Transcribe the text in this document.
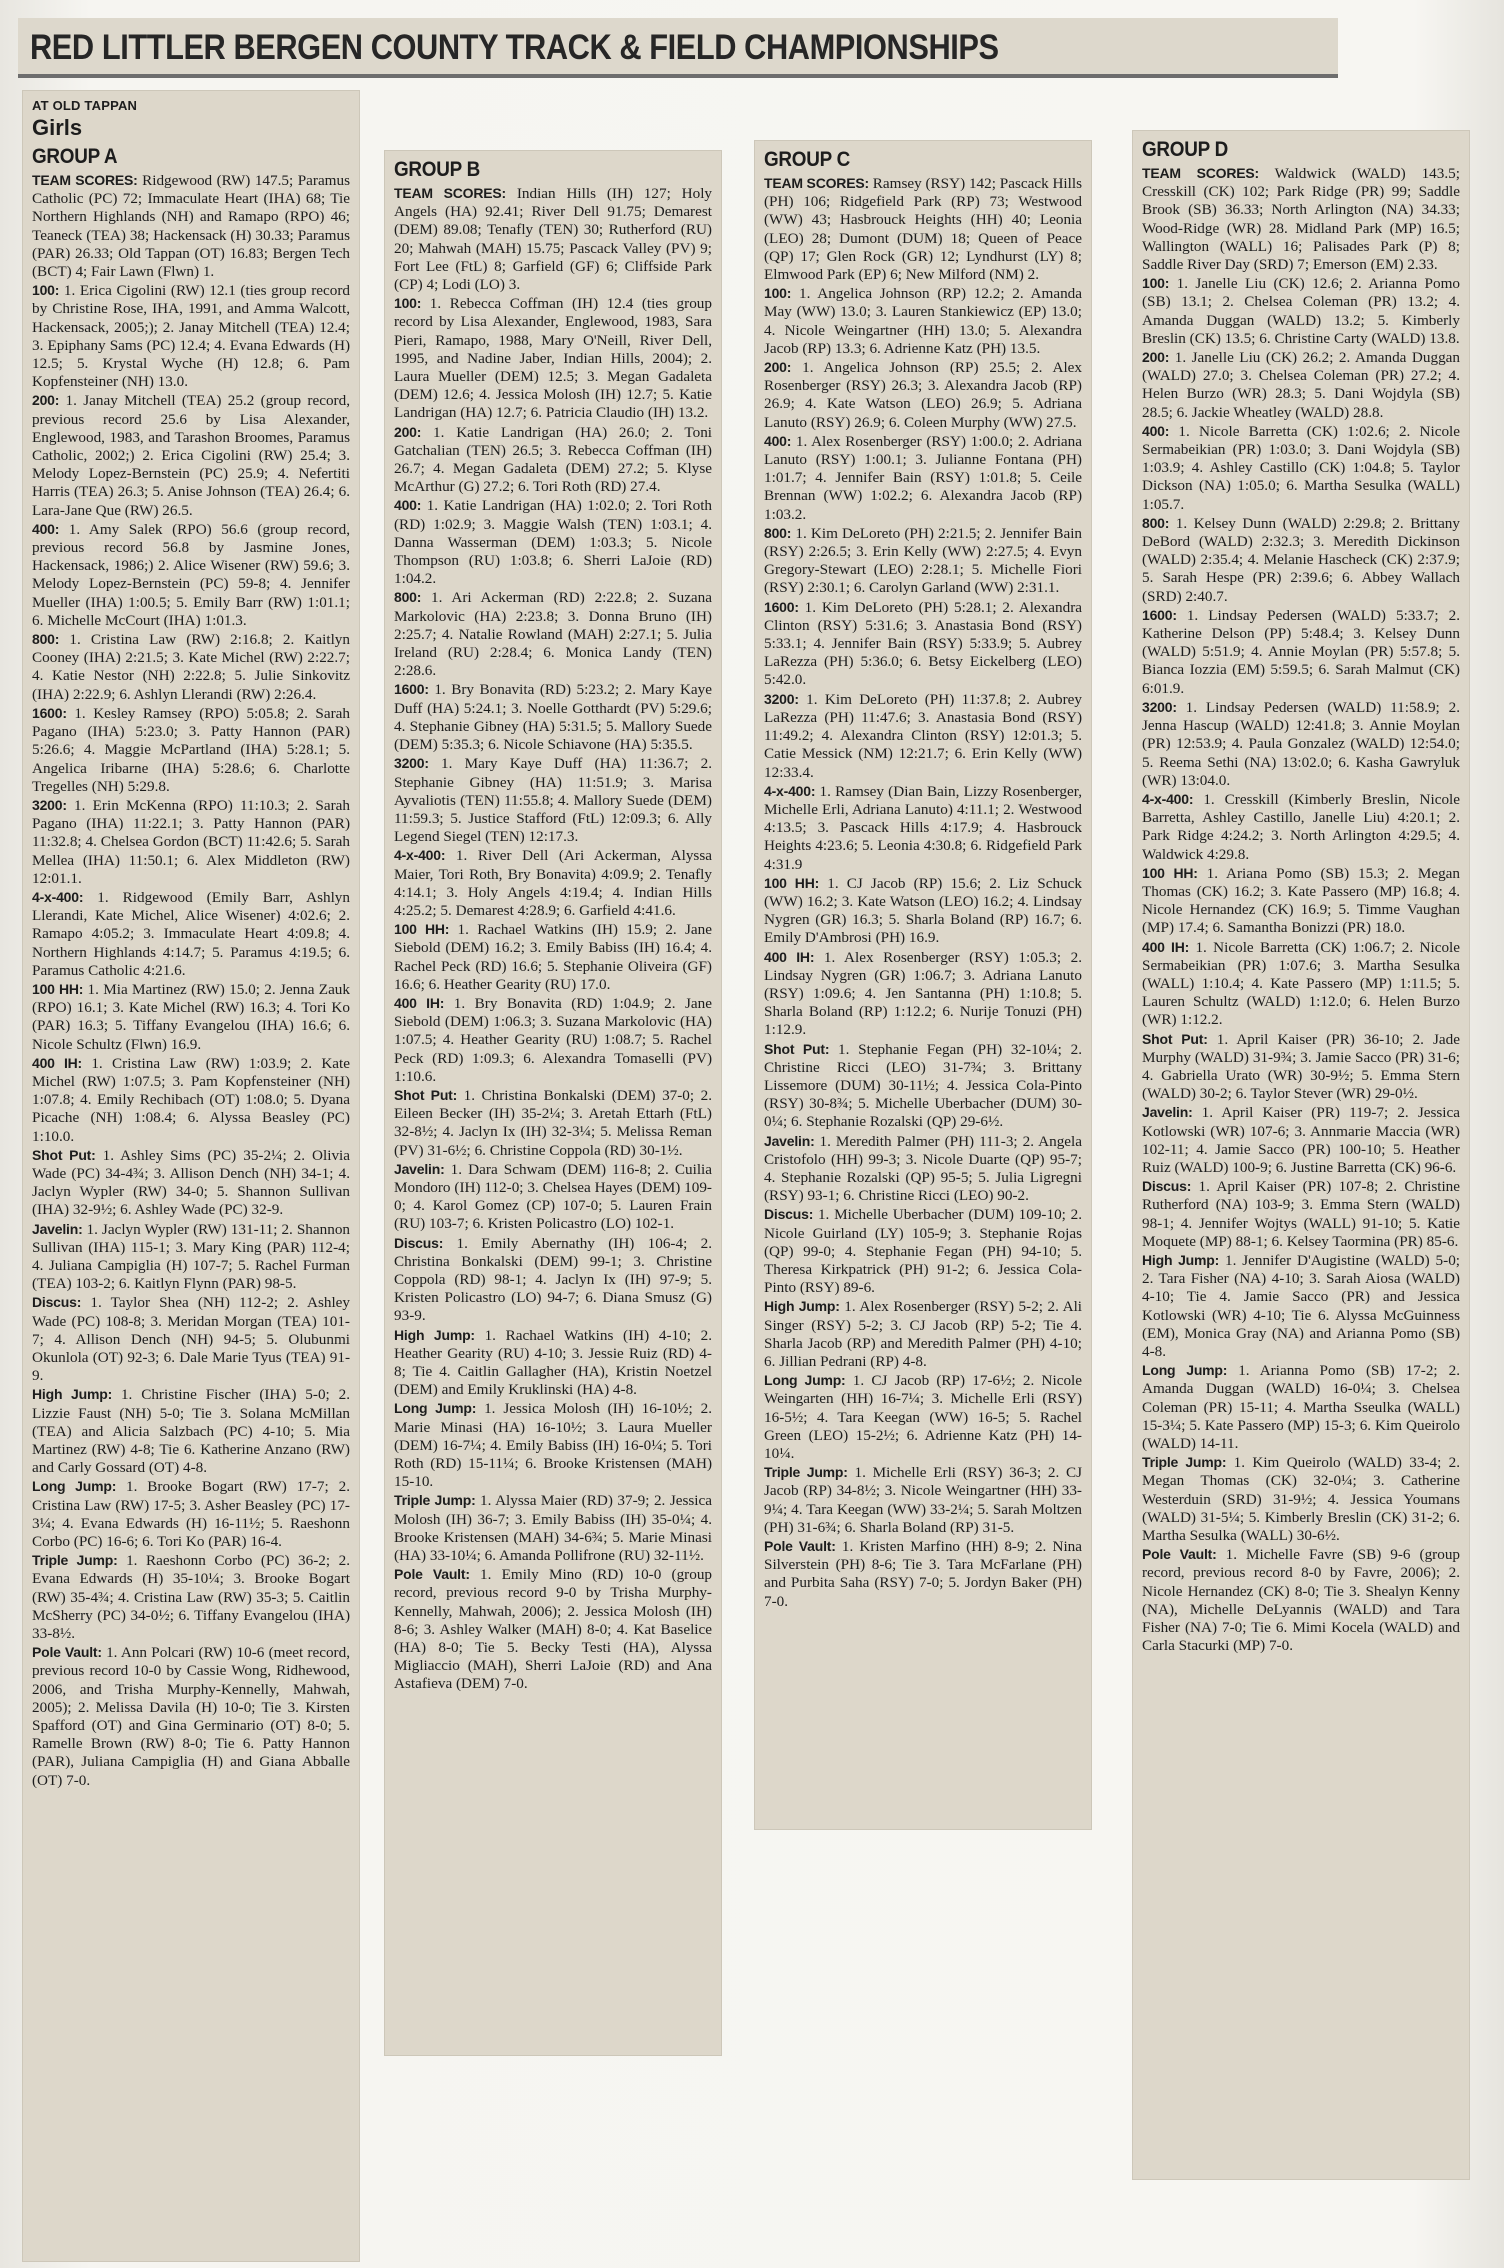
RED LITTLER BERGEN COUNTY TRACK & FIELD CHAMPIONSHIPS
AT OLD TAPPAN
Girls
GROUP A

TEAM SCORES: Ridgewood (RW) 147.5; Paramus Catholic (PC) 72; Immaculate Heart (IHA) 68; Tie Northern Highlands (NH) and Ramapo (RPO) 46; Teaneck (TEA) 38; Hackensack (H) 30.33; Paramus (PAR) 26.33; Old Tappan (OT) 16.83; Bergen Tech (BCT) 4; Fair Lawn (Flwn) 1.

100: 1. Erica Cigolini (RW) 12.1 (ties group record by Christine Rose, IHA, 1991, and Amma Walcott, Hackensack, 2005;); 2. Janay Mitchell (TEA) 12.4; 3. Epiphany Sams (PC) 12.4; 4. Evana Edwards (H) 12.5; 5. Krystal Wyche (H) 12.8; 6. Pam Kopfensteiner (NH) 13.0.

200: 1. Janay Mitchell (TEA) 25.2 (group record, previous record 25.6 by Lisa Alexander, Englewood, 1983, and Tarashon Broomes, Paramus Catholic, 2002;) 2. Erica Cigolini (RW) 25.4; 3. Melody Lopez-Bernstein (PC) 25.9; 4. Nefertiti Harris (TEA) 26.3; 5. Anise Johnson (TEA) 26.4; 6. Lara-Jane Que (RW) 26.5.

400: 1. Amy Salek (RPO) 56.6 (group record, previous record 56.8 by Jasmine Jones, Hackensack, 1986;) 2. Alice Wisener (RW) 59.6; 3. Melody Lopez-Bernstein (PC) 59-8; 4. Jennifer Mueller (IHA) 1:00.5; 5. Emily Barr (RW) 1:01.1; 6. Michelle McCourt (IHA) 1:01.3.

800: 1. Cristina Law (RW) 2:16.8; 2. Kaitlyn Cooney (IHA) 2:21.5; 3. Kate Michel (RW) 2:22.7; 4. Katie Nestor (NH) 2:22.8; 5. Julie Sinkovitz (IHA) 2:22.9; 6. Ashlyn Llerandi (RW) 2:26.4.

1600: 1. Kesley Ramsey (RPO) 5:05.8; 2. Sarah Pagano (IHA) 5:23.0; 3. Patty Hannon (PAR) 5:26.6; 4. Maggie McPartland (IHA) 5:28.1; 5. Angelica Iribarne (IHA) 5:28.6; 6. Charlotte Tregelles (NH) 5:29.8.

3200: 1. Erin McKenna (RPO) 11:10.3; 2. Sarah Pagano (IHA) 11:22.1; 3. Patty Hannon (PAR) 11:32.8; 4. Chelsea Gordon (BCT) 11:42.6; 5. Sarah Mellea (IHA) 11:50.1; 6. Alex Middleton (RW) 12:01.1.

4-x-400: 1. Ridgewood (Emily Barr, Ashlyn Llerandi, Kate Michel, Alice Wisener) 4:02.6; 2. Ramapo 4:05.2; 3. Immaculate Heart 4:09.8; 4. Northern Highlands 4:14.7; 5. Paramus 4:19.5; 6. Paramus Catholic 4:21.6.

100 HH: 1. Mia Martinez (RW) 15.0; 2. Jenna Zauk (RPO) 16.1; 3. Kate Michel (RW) 16.3; 4. Tori Ko (PAR) 16.3; 5. Tiffany Evangelou (IHA) 16.6; 6. Nicole Schultz (Flwn) 16.9.

400 IH: 1. Cristina Law (RW) 1:03.9; 2. Kate Michel (RW) 1:07.5; 3. Pam Kopfensteiner (NH) 1:07.8; 4. Emily Rechibach (OT) 1:08.0; 5. Dyana Picache (NH) 1:08.4; 6. Alyssa Beasley (PC) 1:10.0.

Shot Put: 1. Ashley Sims (PC) 35-2¼; 2. Olivia Wade (PC) 34-4¾; 3. Allison Dench (NH) 34-1; 4. Jaclyn Wypler (RW) 34-0; 5. Shannon Sullivan (IHA) 32-9½; 6. Ashley Wade (PC) 32-9.

Javelin: 1. Jaclyn Wypler (RW) 131-11; 2. Shannon Sullivan (IHA) 115-1; 3. Mary King (PAR) 112-4; 4. Juliana Campiglia (H) 107-7; 5. Rachel Furman (TEA) 103-2; 6. Kaitlyn Flynn (PAR) 98-5.

Discus: 1. Taylor Shea (NH) 112-2; 2. Ashley Wade (PC) 108-8; 3. Meridan Morgan (TEA) 101-7; 4. Allison Dench (NH) 94-5; 5. Olubunmi Okunlola (OT) 92-3; 6. Dale Marie Tyus (TEA) 91-9.

High Jump: 1. Christine Fischer (IHA) 5-0; 2. Lizzie Faust (NH) 5-0; Tie 3. Solana McMillan (TEA) and Alicia Salzbach (PC) 4-10; 5. Mia Martinez (RW) 4-8; Tie 6. Katherine Anzano (RW) and Carly Gossard (OT) 4-8.

Long Jump: 1. Brooke Bogart (RW) 17-7; 2. Cristina Law (RW) 17-5; 3. Asher Beasley (PC) 17-3¼; 4. Evana Edwards (H) 16-11½; 5. Raeshonn Corbo (PC) 16-6; 6. Tori Ko (PAR) 16-4.

Triple Jump: 1. Raeshonn Corbo (PC) 36-2; 2. Evana Edwards (H) 35-10¼; 3. Brooke Bogart (RW) 35-4¾; 4. Cristina Law (RW) 35-3; 5. Caitlin McSherry (PC) 34-0½; 6. Tiffany Evangelou (IHA) 33-8½.

Pole Vault: 1. Ann Polcari (RW) 10-6 (meet record, previous record 10-0 by Cassie Wong, Ridhewood, 2006, and Trisha Murphy-Kennelly, Mahwah, 2005); 2. Melissa Davila (H) 10-0; Tie 3. Kirsten Spafford (OT) and Gina Germinario (OT) 8-0; 5. Ramelle Brown (RW) 8-0; Tie 6. Patty Hannon (PAR), Juliana Campiglia (H) and Giana Abballe (OT) 7-0.

GROUP B

TEAM SCORES: Indian Hills (IH) 127; Holy Angels (HA) 92.41; River Dell 91.75; Demarest (DEM) 89.08; Tenafly (TEN) 30; Rutherford (RU) 20; Mahwah (MAH) 15.75; Pascack Valley (PV) 9; Fort Lee (FtL) 8; Garfield (GF) 6; Cliffside Park (CP) 4; Lodi (LO) 3.

100: 1. Rebecca Coffman (IH) 12.4 (ties group record by Lisa Alexander, Englewood, 1983, Sara Pieri, Ramapo, 1988, Mary O'Neill, River Dell, 1995, and Nadine Jaber, Indian Hills, 2004); 2. Laura Mueller (DEM) 12.5; 3. Megan Gadaleta (DEM) 12.6; 4. Jessica Molosh (IH) 12.7; 5. Katie Landrigan (HA) 12.7; 6. Patricia Claudio (IH) 13.2.

200: 1. Katie Landrigan (HA) 26.0; 2. Toni Gatchalian (TEN) 26.5; 3. Rebecca Coffman (IH) 26.7; 4. Megan Gadaleta (DEM) 27.2; 5. Klyse McArthur (G) 27.2; 6. Tori Roth (RD) 27.4.

400: 1. Katie Landrigan (HA) 1:02.0; 2. Tori Roth (RD) 1:02.9; 3. Maggie Walsh (TEN) 1:03.1; 4. Danna Wasserman (DEM) 1:03.3; 5. Nicole Thompson (RU) 1:03.8; 6. Sherri LaJoie (RD) 1:04.2.

800: 1. Ari Ackerman (RD) 2:22.8; 2. Suzana Markolovic (HA) 2:23.8; 3. Donna Bruno (IH) 2:25.7; 4. Natalie Rowland (MAH) 2:27.1; 5. Julia Ireland (RU) 2:28.4; 6. Monica Landy (TEN) 2:28.6.

1600: 1. Bry Bonavita (RD) 5:23.2; 2. Mary Kaye Duff (HA) 5:24.1; 3. Noelle Gotthardt (PV) 5:29.6; 4. Stephanie Gibney (HA) 5:31.5; 5. Mallory Suede (DEM) 5:35.3; 6. Nicole Schiavone (HA) 5:35.5.

3200: 1. Mary Kaye Duff (HA) 11:36.7; 2. Stephanie Gibney (HA) 11:51.9; 3. Marisa Ayvaliotis (TEN) 11:55.8; 4. Mallory Suede (DEM) 11:59.3; 5. Justice Stafford (FtL) 12:09.3; 6. Ally Legend Siegel (TEN) 12:17.3.

4-x-400: 1. River Dell (Ari Ackerman, Alyssa Maier, Tori Roth, Bry Bonavita) 4:09.9; 2. Tenafly 4:14.1; 3. Holy Angels 4:19.4; 4. Indian Hills 4:25.2; 5. Demarest 4:28.9; 6. Garfield 4:41.6.

100 HH: 1. Rachael Watkins (IH) 15.9; 2. Jane Siebold (DEM) 16.2; 3. Emily Babiss (IH) 16.4; 4. Rachel Peck (RD) 16.6; 5. Stephanie Oliveira (GF) 16.6; 6. Heather Gearity (RU) 17.0.

400 IH: 1. Bry Bonavita (RD) 1:04.9; 2. Jane Siebold (DEM) 1:06.3; 3. Suzana Markolovic (HA) 1:07.5; 4. Heather Gearity (RU) 1:08.7; 5. Rachel Peck (RD) 1:09.3; 6. Alexandra Tomaselli (PV) 1:10.6.

Shot Put: 1. Christina Bonkalski (DEM) 37-0; 2. Eileen Becker (IH) 35-2¼; 3. Aretah Ettarh (FtL) 32-8½; 4. Jaclyn Ix (IH) 32-3¼; 5. Melissa Reman (PV) 31-6½; 6. Christine Coppola (RD) 30-1½.

Javelin: 1. Dara Schwam (DEM) 116-8; 2. Cuilia Mondoro (IH) 112-0; 3. Chelsea Hayes (DEM) 109-0; 4. Karol Gomez (CP) 107-0; 5. Lauren Frain (RU) 103-7; 6. Kristen Policastro (LO) 102-1.

Discus: 1. Emily Abernathy (IH) 106-4; 2. Christina Bonkalski (DEM) 99-1; 3. Christine Coppola (RD) 98-1; 4. Jaclyn Ix (IH) 97-9; 5. Kristen Policastro (LO) 94-7; 6. Diana Smusz (G) 93-9.

High Jump: 1. Rachael Watkins (IH) 4-10; 2. Heather Gearity (RU) 4-10; 3. Jessie Ruiz (RD) 4-8; Tie 4. Caitlin Gallagher (HA), Kristin Noetzel (DEM) and Emily Kruklinski (HA) 4-8.

Long Jump: 1. Jessica Molosh (IH) 16-10½; 2. Marie Minasi (HA) 16-10½; 3. Laura Mueller (DEM) 16-7¼; 4. Emily Babiss (IH) 16-0¼; 5. Tori Roth (RD) 15-11¼; 6. Brooke Kristensen (MAH) 15-10.

Triple Jump: 1. Alyssa Maier (RD) 37-9; 2. Jessica Molosh (IH) 36-7; 3. Emily Babiss (IH) 35-0¼; 4. Brooke Kristensen (MAH) 34-6¾; 5. Marie Minasi (HA) 33-10¼; 6. Amanda Pollifrone (RU) 32-11½.

Pole Vault: 1. Emily Mino (RD) 10-0 (group record, previous record 9-0 by Trisha Murphy-Kennelly, Mahwah, 2006); 2. Jessica Molosh (IH) 8-6; 3. Ashley Walker (MAH) 8-0; 4. Kat Baselice (HA) 8-0; Tie 5. Becky Testi (HA), Alyssa Migliaccio (MAH), Sherri LaJoie (RD) and Ana Astafieva (DEM) 7-0.

GROUP C

TEAM SCORES: Ramsey (RSY) 142; Pascack Hills (PH) 106; Ridgefield Park (RP) 73; Westwood (WW) 43; Hasbrouck Heights (HH) 40; Leonia (LEO) 28; Dumont (DUM) 18; Queen of Peace (QP) 17; Glen Rock (GR) 12; Lyndhurst (LY) 8; Elmwood Park (EP) 6; New Milford (NM) 2.

100: 1. Angelica Johnson (RP) 12.2; 2. Amanda May (WW) 13.0; 3. Lauren Stankiewicz (EP) 13.0; 4. Nicole Weingartner (HH) 13.0; 5. Alexandra Jacob (RP) 13.3; 6. Adrienne Katz (PH) 13.5.

200: 1. Angelica Johnson (RP) 25.5; 2. Alex Rosenberger (RSY) 26.3; 3. Alexandra Jacob (RP) 26.9; 4. Kate Watson (LEO) 26.9; 5. Adriana Lanuto (RSY) 26.9; 6. Coleen Murphy (WW) 27.5.

400: 1. Alex Rosenberger (RSY) 1:00.0; 2. Adriana Lanuto (RSY) 1:00.1; 3. Julianne Fontana (PH) 1:01.7; 4. Jennifer Bain (RSY) 1:01.8; 5. Ceile Brennan (WW) 1:02.2; 6. Alexandra Jacob (RP) 1:03.2.

800: 1. Kim DeLoreto (PH) 2:21.5; 2. Jennifer Bain (RSY) 2:26.5; 3. Erin Kelly (WW) 2:27.5; 4. Evyn Gregory-Stewart (LEO) 2:28.1; 5. Michelle Fiori (RSY) 2:30.1; 6. Carolyn Garland (WW) 2:31.1.

1600: 1. Kim DeLoreto (PH) 5:28.1; 2. Alexandra Clinton (RSY) 5:31.6; 3. Anastasia Bond (RSY) 5:33.1; 4. Jennifer Bain (RSY) 5:33.9; 5. Aubrey LaRezza (PH) 5:36.0; 6. Betsy Eickelberg (LEO) 5:42.0.

3200: 1. Kim DeLoreto (PH) 11:37.8; 2. Aubrey LaRezza (PH) 11:47.6; 3. Anastasia Bond (RSY) 11:49.2; 4. Alexandra Clinton (RSY) 12:01.3; 5. Catie Messick (NM) 12:21.7; 6. Erin Kelly (WW) 12:33.4.

4-x-400: 1. Ramsey (Dian Bain, Lizzy Rosenberger, Michelle Erli, Adriana Lanuto) 4:11.1; 2. Westwood 4:13.5; 3. Pascack Hills 4:17.9; 4. Hasbrouck Heights 4:23.6; 5. Leonia 4:30.8; 6. Ridgefield Park 4:31.9

100 HH: 1. CJ Jacob (RP) 15.6; 2. Liz Schuck (WW) 16.2; 3. Kate Watson (LEO) 16.2; 4. Lindsay Nygren (GR) 16.3; 5. Sharla Boland (RP) 16.7; 6. Emily D'Ambrosi (PH) 16.9.

400 IH: 1. Alex Rosenberger (RSY) 1:05.3; 2. Lindsay Nygren (GR) 1:06.7; 3. Adriana Lanuto (RSY) 1:09.6; 4. Jen Santanna (PH) 1:10.8; 5. Sharla Boland (RP) 1:12.2; 6. Nurije Tonuzi (PH) 1:12.9.

Shot Put: 1. Stephanie Fegan (PH) 32-10¼; 2. Christine Ricci (LEO) 31-7¾; 3. Brittany Lissemore (DUM) 30-11½; 4. Jessica Cola-Pinto (RSY) 30-8¾; 5. Michelle Uberbacher (DUM) 30-0¼; 6. Stephanie Rozalski (QP) 29-6½.

Javelin: 1. Meredith Palmer (PH) 111-3; 2. Angela Cristofolo (HH) 99-3; 3. Nicole Duarte (QP) 95-7; 4. Stephanie Rozalski (QP) 95-5; 5. Julia Ligregni (RSY) 93-1; 6. Christine Ricci (LEO) 90-2.

Discus: 1. Michelle Uberbacher (DUM) 109-10; 2. Nicole Guirland (LY) 105-9; 3. Stephanie Rojas (QP) 99-0; 4. Stephanie Fegan (PH) 94-10; 5. Theresa Kirkpatrick (PH) 91-2; 6. Jessica Cola-Pinto (RSY) 89-6.

High Jump: 1. Alex Rosenberger (RSY) 5-2; 2. Ali Singer (RSY) 5-2; 3. CJ Jacob (RP) 5-2; Tie 4. Sharla Jacob (RP) and Meredith Palmer (PH) 4-10; 6. Jillian Pedrani (RP) 4-8.

Long Jump: 1. CJ Jacob (RP) 17-6½; 2. Nicole Weingarten (HH) 16-7¼; 3. Michelle Erli (RSY) 16-5½; 4. Tara Keegan (WW) 16-5; 5. Rachel Green (LEO) 15-2½; 6. Adrienne Katz (PH) 14-10¼.

Triple Jump: 1. Michelle Erli (RSY) 36-3; 2. CJ Jacob (RP) 34-8½; 3. Nicole Weingartner (HH) 33-9¼; 4. Tara Keegan (WW) 33-2¼; 5. Sarah Moltzen (PH) 31-6¾; 6. Sharla Boland (RP) 31-5.

Pole Vault: 1. Kristen Marfino (HH) 8-9; 2. Nina Silverstein (PH) 8-6; Tie 3. Tara McFarlane (PH) and Purbita Saha (RSY) 7-0; 5. Jordyn Baker (PH) 7-0.

GROUP D

TEAM SCORES: Waldwick (WALD) 143.5; Cresskill (CK) 102; Park Ridge (PR) 99; Saddle Brook (SB) 36.33; North Arlington (NA) 34.33; Wood-Ridge (WR) 28. Midland Park (MP) 16.5; Wallington (WALL) 16; Palisades Park (P) 8; Saddle River Day (SRD) 7; Emerson (EM) 2.33.

100: 1. Janelle Liu (CK) 12.6; 2. Arianna Pomo (SB) 13.1; 2. Chelsea Coleman (PR) 13.2; 4. Amanda Duggan (WALD) 13.2; 5. Kimberly Breslin (CK) 13.5; 6. Christine Carty (WALD) 13.8.

200: 1. Janelle Liu (CK) 26.2; 2. Amanda Duggan (WALD) 27.0; 3. Chelsea Coleman (PR) 27.2; 4. Helen Burzo (WR) 28.3; 5. Dani Wojdyla (SB) 28.5; 6. Jackie Wheatley (WALD) 28.8.

400: 1. Nicole Barretta (CK) 1:02.6; 2. Nicole Sermabeikian (PR) 1:03.0; 3. Dani Wojdyla (SB) 1:03.9; 4. Ashley Castillo (CK) 1:04.8; 5. Taylor Dickson (NA) 1:05.0; 6. Martha Sesulka (WALL) 1:05.7.

800: 1. Kelsey Dunn (WALD) 2:29.8; 2. Brittany DeBord (WALD) 2:32.3; 3. Meredith Dickinson (WALD) 2:35.4; 4. Melanie Hascheck (CK) 2:37.9; 5. Sarah Hespe (PR) 2:39.6; 6. Abbey Wallach (SRD) 2:40.7.

1600: 1. Lindsay Pedersen (WALD) 5:33.7; 2. Katherine Delson (PP) 5:48.4; 3. Kelsey Dunn (WALD) 5:51.9; 4. Annie Moylan (PR) 5:57.8; 5. Bianca Iozzia (EM) 5:59.5; 6. Sarah Malmut (CK) 6:01.9.

3200: 1. Lindsay Pedersen (WALD) 11:58.9; 2. Jenna Hascup (WALD) 12:41.8; 3. Annie Moylan (PR) 12:53.9; 4. Paula Gonzalez (WALD) 12:54.0; 5. Reema Sethi (NA) 13:02.0; 6. Kasha Gawryluk (WR) 13:04.0.

4-x-400: 1. Cresskill (Kimberly Breslin, Nicole Barretta, Ashley Castillo, Janelle Liu) 4:20.1; 2. Park Ridge 4:24.2; 3. North Arlington 4:29.5; 4. Waldwick 4:29.8.

100 HH: 1. Ariana Pomo (SB) 15.3; 2. Megan Thomas (CK) 16.2; 3. Kate Passero (MP) 16.8; 4. Nicole Hernandez (CK) 16.9; 5. Timme Vaughan (MP) 17.4; 6. Samantha Bonizzi (PR) 18.0.

400 IH: 1. Nicole Barretta (CK) 1:06.7; 2. Nicole Sermabeikian (PR) 1:07.6; 3. Martha Sesulka (WALL) 1:10.4; 4. Kate Passero (MP) 1:11.5; 5. Lauren Schultz (WALD) 1:12.0; 6. Helen Burzo (WR) 1:12.2.

Shot Put: 1. April Kaiser (PR) 36-10; 2. Jade Murphy (WALD) 31-9¾; 3. Jamie Sacco (PR) 31-6; 4. Gabriella Urato (WR) 30-9½; 5. Emma Stern (WALD) 30-2; 6. Taylor Stever (WR) 29-0½.

Javelin: 1. April Kaiser (PR) 119-7; 2. Jessica Kotlowski (WR) 107-6; 3. Annmarie Maccia (WR) 102-11; 4. Jamie Sacco (PR) 100-10; 5. Heather Ruiz (WALD) 100-9; 6. Justine Barretta (CK) 96-6.

Discus: 1. April Kaiser (PR) 107-8; 2. Christine Rutherford (NA) 103-9; 3. Emma Stern (WALD) 98-1; 4. Jennifer Wojtys (WALL) 91-10; 5. Katie Moquete (MP) 88-1; 6. Kelsey Taormina (PR) 85-6.

High Jump: 1. Jennifer D'Augistine (WALD) 5-0; 2. Tara Fisher (NA) 4-10; 3. Sarah Aiosa (WALD) 4-10; Tie 4. Jamie Sacco (PR) and Jessica Kotlowski (WR) 4-10; Tie 6. Alyssa McGuinness (EM), Monica Gray (NA) and Arianna Pomo (SB) 4-8.

Long Jump: 1. Arianna Pomo (SB) 17-2; 2. Amanda Duggan (WALD) 16-0¼; 3. Chelsea Coleman (PR) 15-11; 4. Martha Sseulka (WALL) 15-3¼; 5. Kate Passero (MP) 15-3; 6. Kim Queirolo (WALD) 14-11.

Triple Jump: 1. Kim Queirolo (WALD) 33-4; 2. Megan Thomas (CK) 32-0¼; 3. Catherine Westerduin (SRD) 31-9½; 4. Jessica Youmans (WALD) 31-5¼; 5. Kimberly Breslin (CK) 31-2; 6. Martha Sesulka (WALL) 30-6½.

Pole Vault: 1. Michelle Favre (SB) 9-6 (group record, previous record 8-0 by Favre, 2006); 2. Nicole Hernandez (CK) 8-0; Tie 3. Shealyn Kenny (NA), Michelle DeLyannis (WALD) and Tara Fisher (NA) 7-0; Tie 6. Mimi Kocela (WALD) and Carla Stacurki (MP) 7-0.
